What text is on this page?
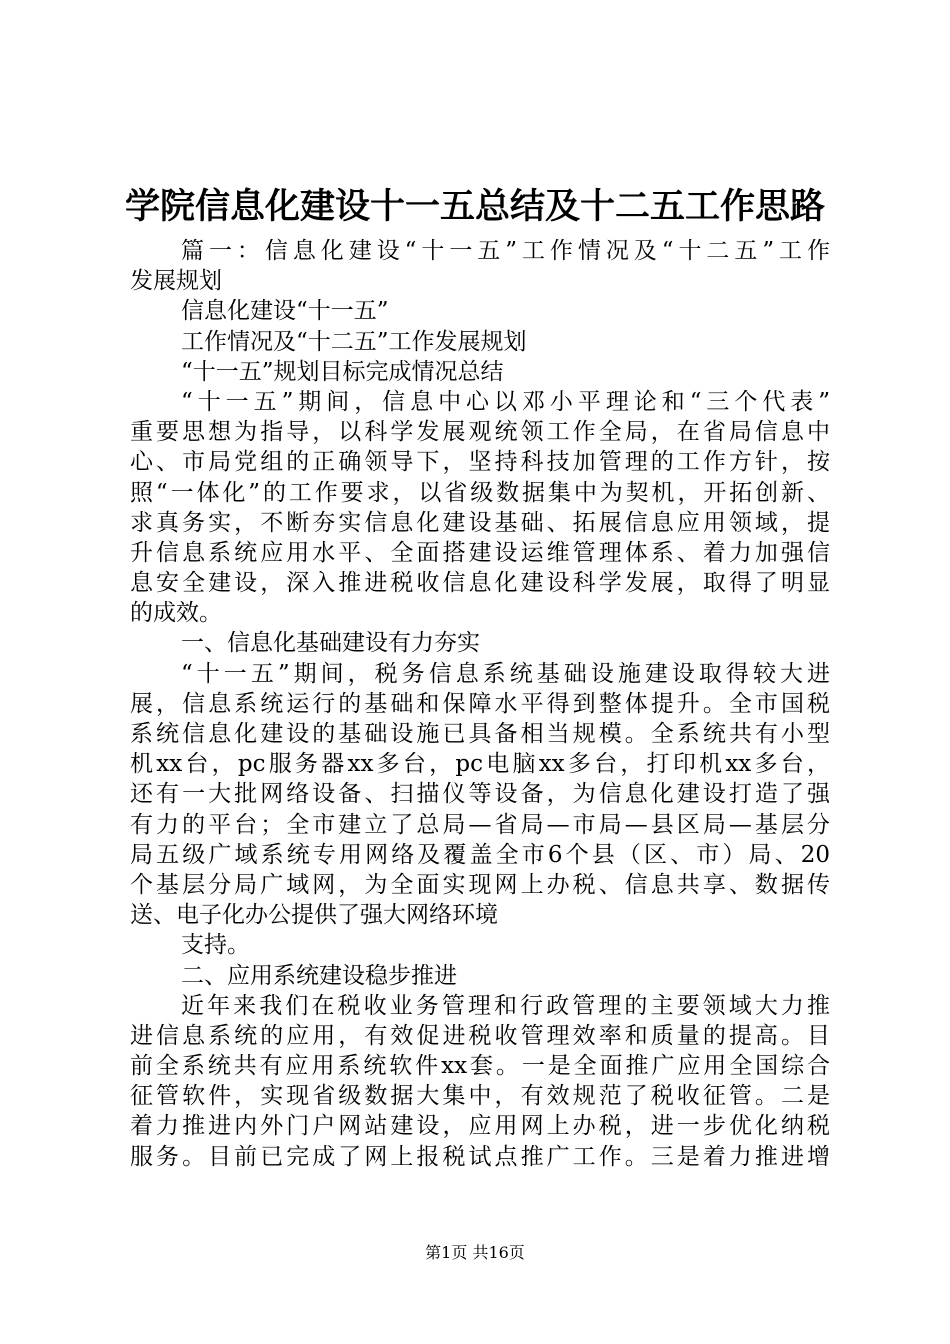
学院信息化建设十一五总结及十二五工作思路
篇一：信息化建设“十一五”工作情况及“十二五”工作
发展规划
信息化建设“十一五”
工作情况及“十二五”工作发展规划
“十一五”规划目标完成情况总结
“十一五”期间，信息中心以邓小平理论和“三个代表”
重要思想为指导，以科学发展观统领工作全局，在省局信息中
心、市局党组的正确领导下，坚持科技加管理的工作方针，按
照“一体化”的工作要求，以省级数据集中为契机，开拓创新、
求真务实，不断夯实信息化建设基础、拓展信息应用领域，提
升信息系统应用水平、全面搭建设运维管理体系、着力加强信
息安全建设，深入推进税收信息化建设科学发展，取得了明显
的成效。
一、信息化基础建设有力夯实
“十一五”期间，税务信息系统基础设施建设取得较大进
展，信息系统运行的基础和保障水平得到整体提升。全市国税
系统信息化建设的基础设施已具备相当规模。全系统共有小型
机xx台，pc服务器xx多台，pc电脑xx多台，打印机xx多台，
还有一大批网络设备、扫描仪等设备，为信息化建设打造了强
有力的平台；全市建立了总局—省局—市局—县区局—基层分
局五级广域系统专用网络及覆盖全市6个县（区、市）局、20
个基层分局广域网，为全面实现网上办税、信息共享、数据传
送、电子化办公提供了强大网络环境
支持。
二、应用系统建设稳步推进
近年来我们在税收业务管理和行政管理的主要领域大力推
进信息系统的应用，有效促进税收管理效率和质量的提高。目
前全系统共有应用系统软件xx套。一是全面推广应用全国综合
征管软件，实现省级数据大集中，有效规范了税收征管。二是
着力推进内外门户网站建设，应用网上办税，进一步优化纳税
服务。目前已完成了网上报税试点推广工作。三是着力推进增
第1页 共16页
